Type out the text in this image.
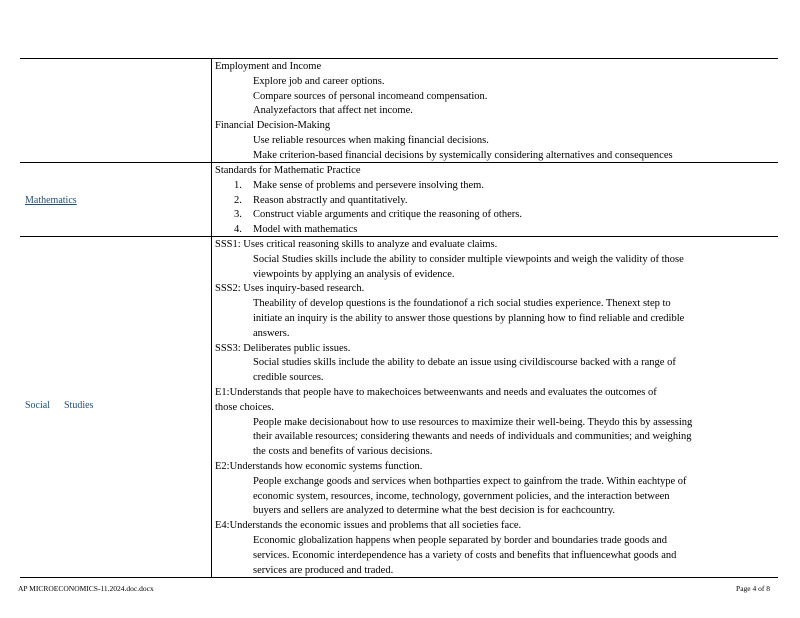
Employment and Income
Explore job and career options.
Compare sources of personal incomeand compensation.
Analyzefactors that affect net income.
Financial Decision-Making
Use reliable resources when making financial decisions.
Make criterion-based financial decisions by systemically considering alternatives and consequences
Mathematics
Standards for Mathematic Practice
1. Make sense of problems and persevere insolving them.
2. Reason abstractly and quantitatively.
3. Construct viable arguments and critique the reasoning of others.
4. Model with mathematics
Social Studies
SSS1: Uses critical reasoning skills to analyze and evaluate claims.
Social Studies skills include the ability to consider multiple viewpoints and weigh the validity of those
viewpoints by applying an analysis of evidence.
SSS2: Uses inquiry-based research.
Theability of develop questions is the foundationof a rich social studies experience. Thenext step to
initiate an inquiry is the ability to answer those questions by planning how to find reliable and credible
answers.
SSS3: Deliberates public issues.
Social studies skills include the ability to debate an issue using civildiscourse backed with a range of
credible sources.
E1:Understands that people have to makechoices betweenwants and needs and evaluates the outcomes of
those choices.
People make decisionabout how to use resources to maximize their well-being. Theydo this by assessing
their available resources; considering thewants and needs of individuals and communities; and weighing
the costs and benefits of various decisions.
E2:Understands how economic systems function.
People exchange goods and services when bothparties expect to gainfrom the trade. Within eachtype of
economic system, resources, income, technology, government policies, and the interaction between
buyers and sellers are analyzed to determine what the best decision is for eachcountry.
E4:Understands the economic issues and problems that all societies face.
Economic globalization happens when people separated by border and boundaries trade goods and
services. Economic interdependence has a variety of costs and benefits that influencewhat goods and
services are produced and traded.
AP MICROECONOMICS-11.2024.doc.docx	Page 4 of 8
